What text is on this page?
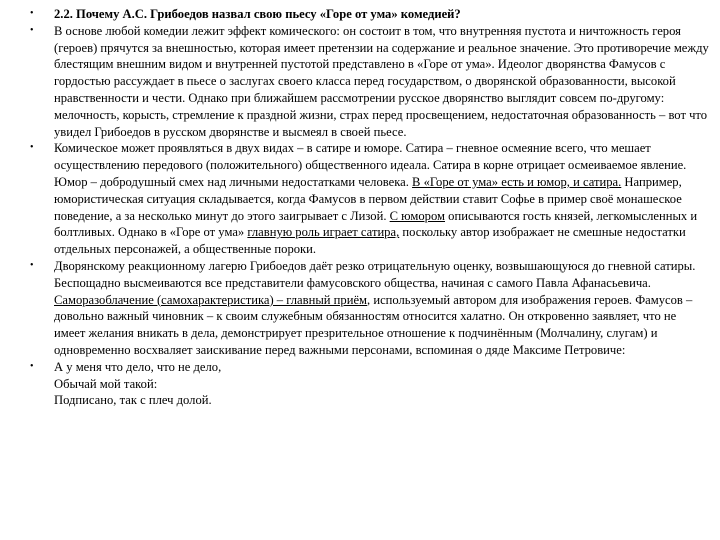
•	2.2. Почему А.С. Грибоедов назвал свою пьесу «Горе от ума» комедией?
•	В основе любой комедии лежит эффект комического: он состоит в том, что внутренняя пустота и ничтожность героя (героев) прячутся за внешностью, которая имеет претензии на содержание и реальное значение. Это противоречие между блестящим внешним видом и внутренней пустотой представлено в «Горе от ума». Идеолог дворянства Фамусов с гордостью рассуждает в пьесе о заслугах своего класса перед государством, о дворянской образованности, высокой нравственности и чести. Однако при ближайшем рассмотрении русское дворянство выглядит совсем по-другому: мелочность, корысть, стремление к праздной жизни, страх перед просвещением, недостаточная образованность – вот что увидел Грибоедов в русском дворянстве и высмеял в своей пьесе.
•	Комическое может проявляться в двух видах – в сатире и юморе. Сатира – гневное осмеяние всего, что мешает осуществлению передового (положительного) общественного идеала. Сатира в корне отрицает осмеиваемое явление. Юмор – добродушный смех над личными недостатками человека. В «Горе от ума» есть и юмор, и сатира. Например, юмористическая ситуация складывается, когда Фамусов в первом действии ставит Софье в пример своё монашеское поведение, а за несколько минут до этого заигрывает с Лизой. С юмором описываются гость князей, легкомысленных и болтливых. Однако в «Горе от ума» главную роль играет сатира, поскольку автор изображает не смешные недостатки отдельных персонажей, а общественные пороки.
•	Дворянскому реакционному лагерю Грибоедов даёт резко отрицательную оценку, возвышающуюся до гневной сатиры. Беспощадно высмеиваются все представители фамусовского общества, начиная с самого Павла Афанасьевича. Саморазоблачение (самохарактеристика) – главный приём, используемый автором для изображения героев. Фамусов – довольно важный чиновник – к своим служебным обязанностям относится халатно. Он откровенно заявляет, что не имеет желания вникать в дела, демонстрирует презрительное отношение к подчинённым (Молчалину, слугам) и одновременно восхваляет заискивание перед важными персонами, вспоминая о дяде Максиме Петровиче:
•	А у меня что дело, что не дело,
Обычай мой такой:
Подписано, так с плеч долой.
